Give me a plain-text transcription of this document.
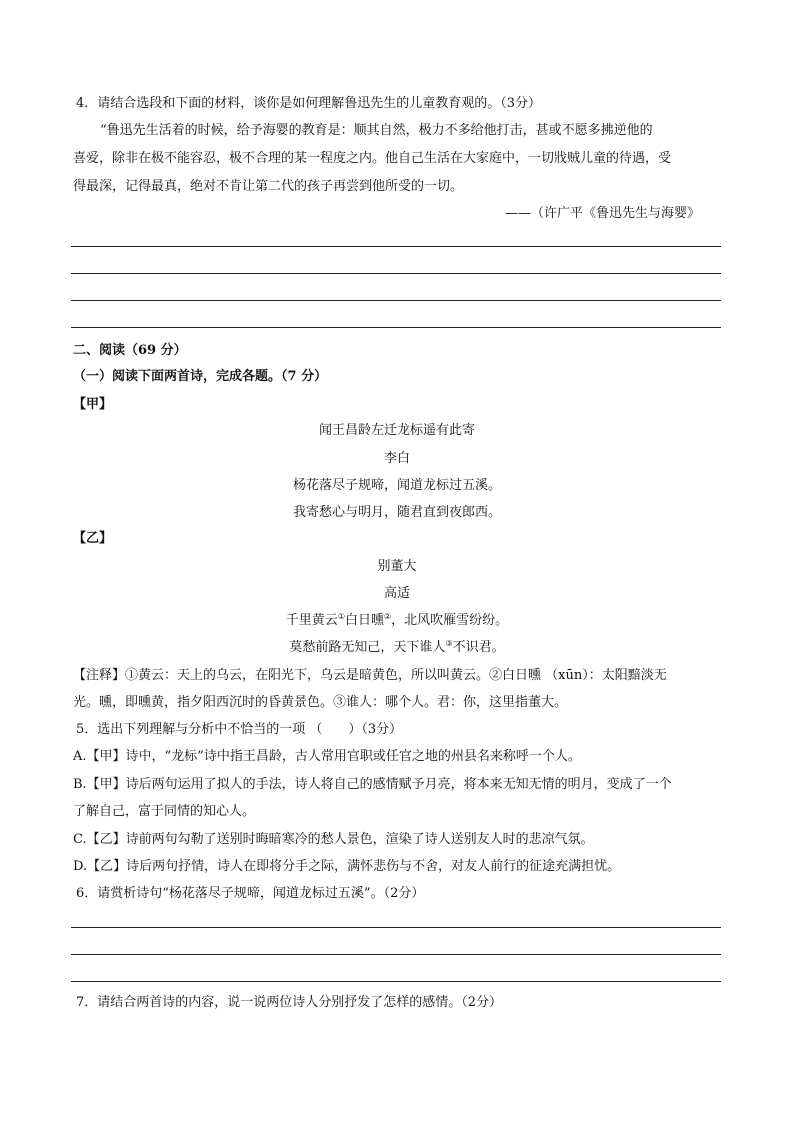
4．请结合选段和下面的材料，谈你是如何理解鲁迅先生的儿童教育观的。（3分）
“鲁迅先生活着的时候，给予海婴的教育是：顺其自然，极力不多给他打击，甚或不愿多拂逆他的
喜爱，除非在极不能容忍，极不合理的某一程度之内。他自己生活在大家庭中，一切戕贼儿童的待遇，受
得最深，记得最真，绝对不肯让第二代的孩子再尝到他所受的一切。
——（许广平《鲁迅先生与海婴》
二、阅读（69 分）
（一）阅读下面两首诗，完成各题。（7 分）
【甲】
闻王昌龄左迁龙标遥有此寄
李白
杨花落尽子规啼，闻道龙标过五溪。
我寄愁心与明月，随君直到夜郎西。
【乙】
别董大
高适
千里黄云①白日曛②，北风吹雁雪纷纷。
莫愁前路无知己，天下谁人③不识君。
【注释】①黄云：天上的乌云，在阳光下，乌云是暗黄色，所以叫黄云。②白日曛 （xūn）：太阳黯淡无
光。曛，即曛黄，指夕阳西沉时的昏黄景色。③谁人：哪个人。君：你，这里指董大。
5．选出下列理解与分析中不恰当的一项 （　　）（3分）
A.【甲】诗中，“龙标”诗中指王昌龄，古人常用官职或任官之地的州县名来称呼一个人。
B.【甲】诗后两句运用了拟人的手法，诗人将自己的感情赋予月亮，将本来无知无情的明月，变成了一个
了解自己，富于同情的知心人。
C.【乙】诗前两句勾勒了送别时晦暗寒冷的愁人景色，渲染了诗人送别友人时的悲凉气氛。
D.【乙】诗后两句抒情，诗人在即将分手之际，满怀悲伤与不舍，对友人前行的征途充满担忧。
6．请赏析诗句“杨花落尽子规啼，闻道龙标过五溪”。（2分）
7．请结合两首诗的内容，说一说两位诗人分别抒发了怎样的感情。（2分）
